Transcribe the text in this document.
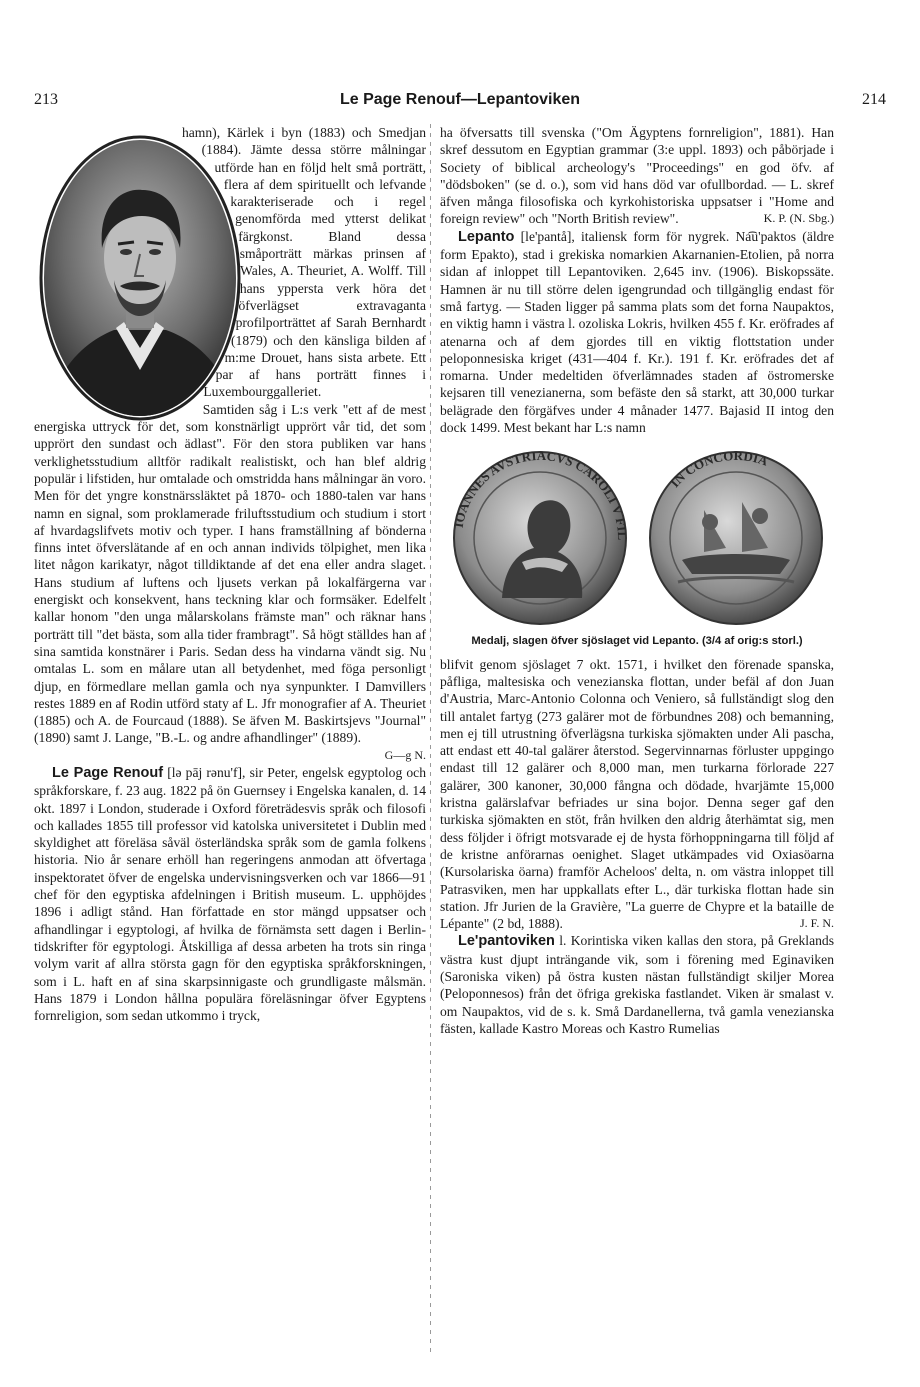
213	Le Page Renouf—Lepantoviken	214

hamn), Kärlek i byn (1883) och Smedjan (1884). Jämte dessa större målningar utförde han en följd helt små porträtt, flera af dem spirituellt och lefvande karakteriserade och i regel genomförda med ytterst delikat färgkonst. Bland dessa småporträtt märkas prinsen af Wales, A. Theuriet, A. Wolff. Till hans yppersta verk höra det öfverlägset extravaganta profilporträttet af Sarah Bernhardt (1879) och den känsliga bilden af m:me Drouet, hans sista arbete. Ett par af hans porträtt finnes i Luxembourggalleriet.

Samtiden såg i L:s verk "ett af de mest energiska uttryck för det, som konstnärligt upprört vår tid, det som upprört den sundast och ädlast". För den stora publiken var hans verklighetsstudium alltför radikalt realistiskt, och han blef aldrig populär i lifstiden, hur omtalade och omstridda hans målningar än voro. Men för det yngre konstnärssläktet på 1870- och 1880-talen var hans namn en signal, som proklamerade friluftsstudium och studium i stort af hvardagslifvets motiv och typer. I hans framställning af bönderna finns intet öfverslätande af en och annan individs tölpighet, men lika litet någon karikatyr, något tilldiktande af det ena eller andra slaget. Hans studium af luftens och ljusets verkan på lokalfärgerna var energiskt och konsekvent, hans teckning klar och formsäker. Edelfelt kallar honom "den unga målarskolans främste man" och räknar hans porträtt till "det bästa, som alla tider frambragt". Så högt ställdes han af sina samtida konstnärer i Paris. Sedan dess ha vindarna vändt sig. Nu omtalas L. som en målare utan all betydenhet, med föga personligt djup, en förmedlare mellan gamla och nya synpunkter. I Damvillers restes 1889 en af Rodin utförd staty af L. Jfr monografier af A. Theuriet (1885) och A. de Fourcaud (1888). Se äfven M. Baskirtsjevs "Journal" (1890) samt J. Lange, "B.-L. og andre afhandlinger" (1889).

G—g N.

Le Page Renouf [lə pāj rənu'f], sir Peter, engelsk egyptolog och språkforskare, f. 23 aug. 1822 på ön Guernsey i Engelska kanalen, d. 14 okt. 1897 i London, studerade i Oxford företrädesvis språk och filosofi och kallades 1855 till professor vid katolska universitetet i Dublin med skyldighet att föreläsa såväl österländska språk som de gamla folkens historia. Nio år senare erhöll han regeringens anmodan att öfvertaga inspektoratet öfver de engelska undervisningsverken och var 1866—91 chef för den egyptiska afdelningen i British museum. L. upphöjdes 1896 i adligt stånd. Han författade en stor mängd uppsatser och afhandlingar i egyptologi, af hvilka de förnämsta sett dagen i Berlin-tidskrifter för egyptologi. Åtskilliga af dessa arbeten ha trots sin ringa volym varit af allra största gagn för den egyptiska språkforskningen, som i L. haft en af sina skarpsinnigaste och grundligaste målsmän. Hans 1879 i London hållna populära föreläsningar öfver Egyptens fornreligion, som sedan utkommo i tryck,

ha öfversatts till svenska ("Om Ägyptens fornreligion", 1881). Han skref dessutom en Egyptian grammar (3:e uppl. 1893) och påbörjade i Society of biblical archeology's "Proceedings" en god öfv. af "dödsboken" (se d. o.), som vid hans död var ofullbordad. — L. skref äfven många filosofiska och kyrkohistoriska uppsatser i "Home and foreign review" och "North British review".	K. P. (N. Sbg.)

Lepanto [le'pantå], italiensk form för nygrek. Na͡u'paktos (äldre form Epakto), stad i grekiska nomarkien Akarnanien-Etolien, på norra sidan af inloppet till Lepantoviken. 2,645 inv. (1906). Biskopssäte. Hamnen är nu till större delen igengrundad och tillgänglig endast för små fartyg. — Staden ligger på samma plats som det forna Naupaktos, en viktig hamn i västra l. ozoliska Lokris, hvilken 455 f. Kr. eröfrades af atenarna och af dem gjordes till en viktig flottstation under peloponnesiska kriget (431—404 f. Kr.). 191 f. Kr. eröfrades det af romarna. Under medeltiden öfverlämnades staden af östromerske kejsaren till venezianerna, som befäste den så starkt, att 30,000 turkar belägrade den förgäfves under 4 månader 1477. Bajasid II intog den dock 1499. Mest bekant har L:s namn

IOANNES AVSTRIACVS CAROLI V FIL
IN CONCORDIA
Medalj, slagen öfver sjöslaget vid Lepanto. (3/4 af orig:s storl.)

blifvit genom sjöslaget 7 okt. 1571, i hvilket den förenade spanska, påfliga, maltesiska och venezianska flottan, under befäl af don Juan d'Austria, Marc-Antonio Colonna och Veniero, så fullständigt slog den till antalet fartyg (273 galärer mot de förbundnes 208) och bemanning, men ej till utrustning öfverlägsna turkiska sjömakten under Ali pascha, att endast ett 40-tal galärer återstod. Segervinnarnas förluster uppgingo endast till 12 galärer och 8,000 man, men turkarna förlorade 227 galärer, 300 kanoner, 30,000 fångna och dödade, hvarjämte 15,000 kristna galärslafvar befriades ur sina bojor. Denna seger gaf den turkiska sjömakten en stöt, från hvilken den aldrig återhämtat sig, men dess följder i öfrigt motsvarade ej de hysta förhoppningarna till följd af de kristne anförarnas oenighet. Slaget utkämpades vid Oxiasöarna (Kursolariska öarna) framför Acheloos' delta, n. om västra inloppet till Patrasviken, men har uppkallats efter L., där turkiska flottan hade sin station. Jfr Jurien de la Gravière, "La guerre de Chypre et la bataille de Lépante" (2 bd, 1888).	J. F. N.

Le'pantoviken l. Korintiska viken kallas den stora, på Greklands västra kust djupt inträngande vik, som i förening med Eginaviken (Saroniska viken) på östra kusten nästan fullständigt skiljer Morea (Peloponnesos) från det öfriga grekiska fastlandet. Viken är smalast v. om Naupaktos, vid de s. k. Små Dardanellerna, två gamla venezianska fästen, kallade Kastro Moreas och Kastro Rumelias
